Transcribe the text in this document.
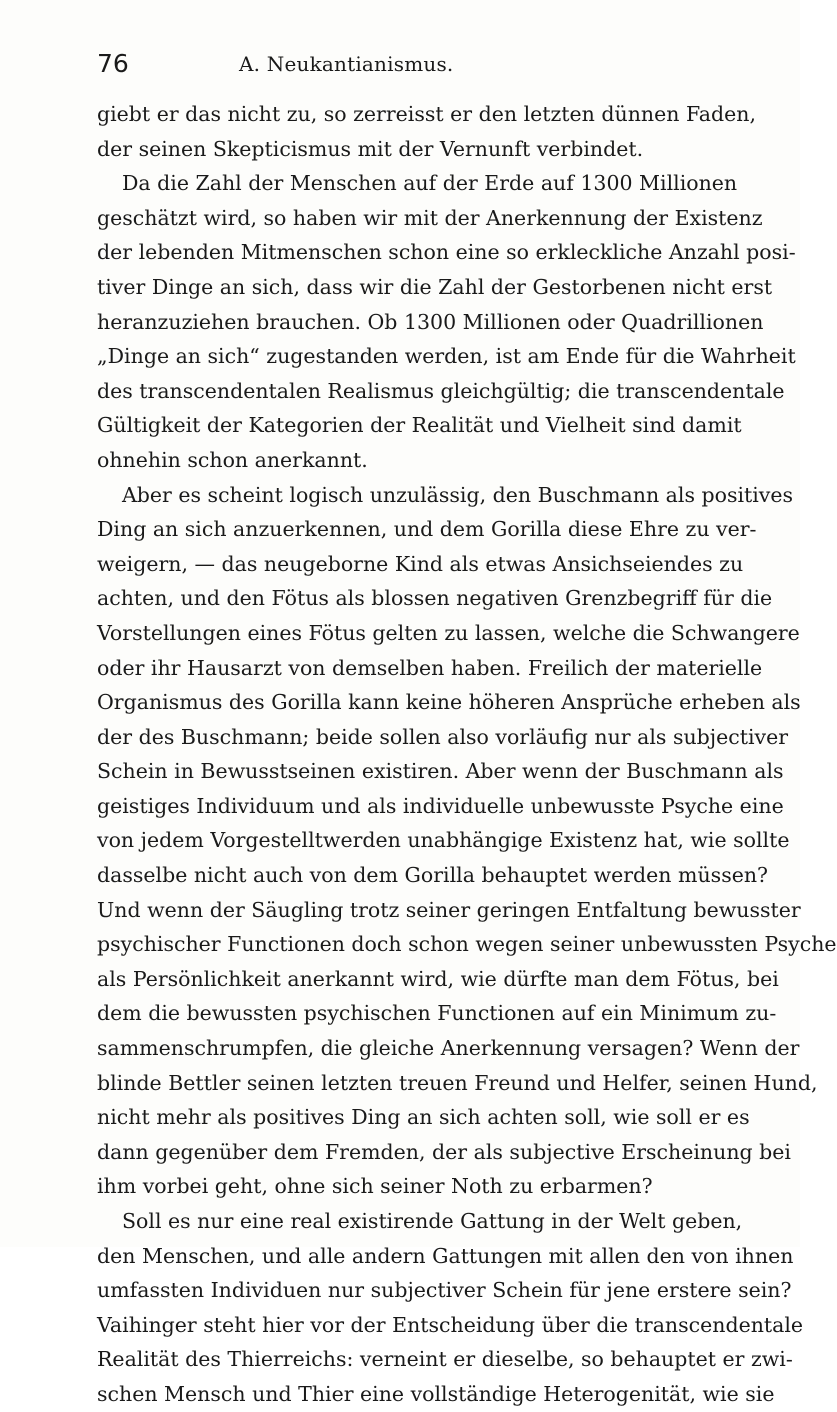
76	A. Neukantianismus.
giebt er das nicht zu, so zerreisst er den letzten dünnen Faden,
der seinen Skepticismus mit der Vernunft verbindet.
Da die Zahl der Menschen auf der Erde auf 1300 Millionen
geschätzt wird, so haben wir mit der Anerkennung der Existenz
der lebenden Mitmenschen schon eine so erkleckliche Anzahl posi-
tiver Dinge an sich, dass wir die Zahl der Gestorbenen nicht erst
heranzuziehen brauchen. Ob 1300 Millionen oder Quadrillionen
„Dinge an sich“ zugestanden werden, ist am Ende für die Wahrheit
des transcendentalen Realismus gleichgültig; die transcendentale
Gültigkeit der Kategorien der Realität und Vielheit sind damit
ohnehin schon anerkannt.
Aber es scheint logisch unzulässig, den Buschmann als positives
Ding an sich anzuerkennen, und dem Gorilla diese Ehre zu ver-
weigern, — das neugeborne Kind als etwas Ansichseiendes zu
achten, und den Fötus als blossen negativen Grenzbegriff für die
Vorstellungen eines Fötus gelten zu lassen, welche die Schwangere
oder ihr Hausarzt von demselben haben. Freilich der materielle
Organismus des Gorilla kann keine höheren Ansprüche erheben als
der des Buschmann; beide sollen also vorläufig nur als subjectiver
Schein in Bewusstseinen existiren. Aber wenn der Buschmann als
geistiges Individuum und als individuelle unbewusste Psyche eine
von jedem Vorgestelltwerden unabhängige Existenz hat, wie sollte
dasselbe nicht auch von dem Gorilla behauptet werden müssen?
Und wenn der Säugling trotz seiner geringen Entfaltung bewusster
psychischer Functionen doch schon wegen seiner unbewussten Psyche
als Persönlichkeit anerkannt wird, wie dürfte man dem Fötus, bei
dem die bewussten psychischen Functionen auf ein Minimum zu-
sammenschrumpfen, die gleiche Anerkennung versagen? Wenn der
blinde Bettler seinen letzten treuen Freund und Helfer, seinen Hund,
nicht mehr als positives Ding an sich achten soll, wie soll er es
dann gegenüber dem Fremden, der als subjective Erscheinung bei
ihm vorbei geht, ohne sich seiner Noth zu erbarmen?
Soll es nur eine real existirende Gattung in der Welt geben,
den Menschen, und alle andern Gattungen mit allen den von ihnen
umfassten Individuen nur subjectiver Schein für jene erstere sein?
Vaihinger steht hier vor der Entscheidung über die transcendentale
Realität des Thierreichs: verneint er dieselbe, so behauptet er zwi-
schen Mensch und Thier eine vollständige Heterogenität, wie sie
